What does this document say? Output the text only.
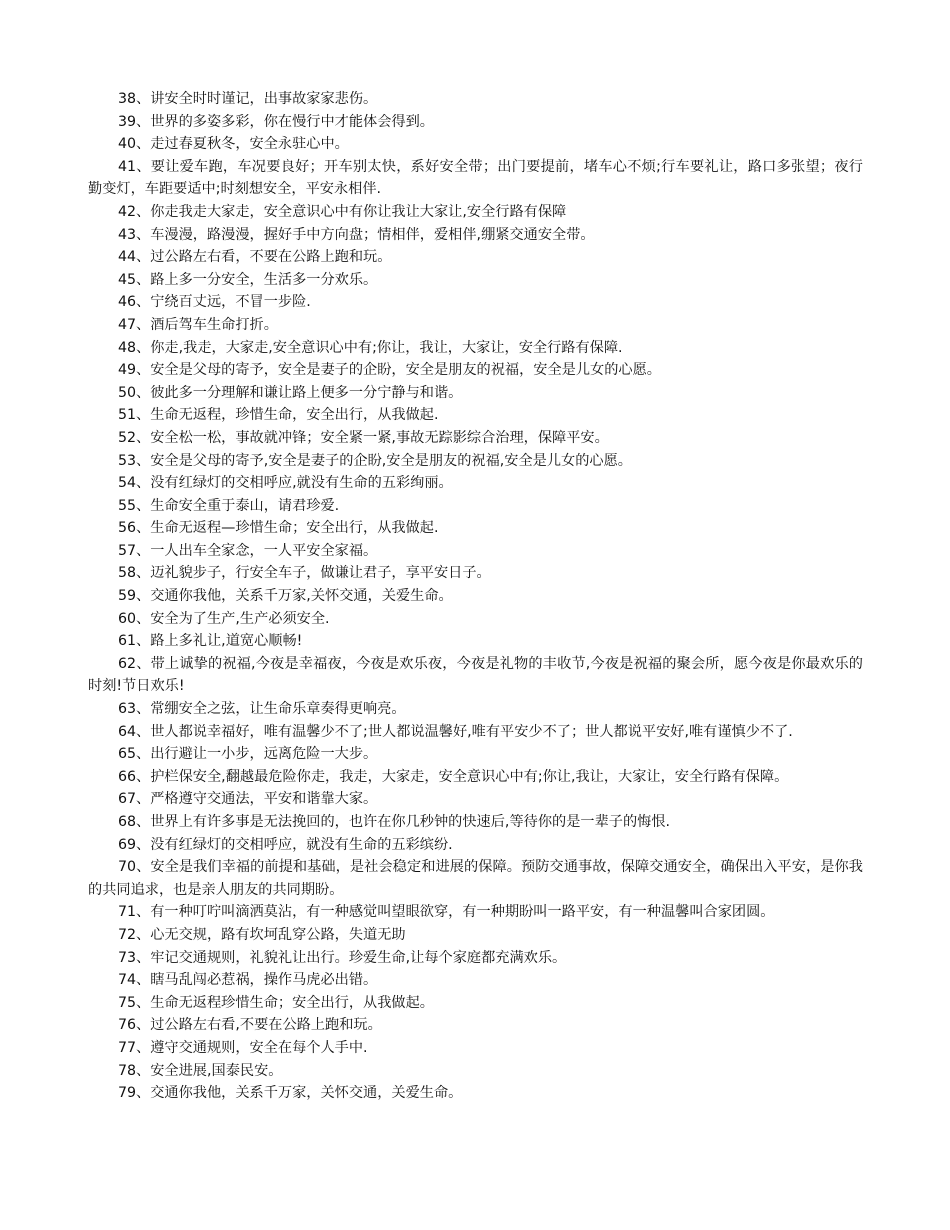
38、讲安全时时谨记，出事故家家悲伤。

39、世界的多姿多彩，你在慢行中才能体会得到。

40、走过春夏秋冬，安全永驻心中。

41、要让爱车跑，车况要良好；开车别太快，系好安全带；出门要提前，堵车心不烦;行车要礼让，路口多张望；夜行勤变灯，车距要适中;时刻想安全，平安永相伴.

42、你走我走大家走，安全意识心中有你让我让大家让,安全行路有保障

43、车漫漫，路漫漫，握好手中方向盘；情相伴，爱相伴,绷紧交通安全带。

44、过公路左右看，不要在公路上跑和玩。

45、路上多一分安全，生活多一分欢乐。

46、宁绕百丈远，不冒一步险.

47、酒后驾车生命打折。

48、你走,我走，大家走,安全意识心中有;你让，我让，大家让，安全行路有保障.

49、安全是父母的寄予，安全是妻子的企盼，安全是朋友的祝福，安全是儿女的心愿。

50、彼此多一分理解和谦让路上便多一分宁静与和谐。

51、生命无返程，珍惜生命，安全出行，从我做起.

52、安全松一松，事故就冲锋；安全紧一紧,事故无踪影综合治理，保障平安。

53、安全是父母的寄予,安全是妻子的企盼,安全是朋友的祝福,安全是儿女的心愿。

54、没有红绿灯的交相呼应,就没有生命的五彩绚丽。

55、生命安全重于泰山，请君珍爱.

56、生命无返程—珍惜生命；安全出行，从我做起.

57、一人出车全家念，一人平安全家福。

58、迈礼貌步子，行安全车子，做谦让君子，享平安日子。

59、交通你我他，关系千万家,关怀交通，关爱生命。

60、安全为了生产,生产必须安全.

61、路上多礼让,道宽心顺畅!

62、带上诚挚的祝福,今夜是幸福夜，今夜是欢乐夜，今夜是礼物的丰收节,今夜是祝福的聚会所，愿今夜是你最欢乐的时刻!节日欢乐!

63、常绷安全之弦，让生命乐章奏得更响亮。

64、世人都说幸福好，唯有温馨少不了;世人都说温馨好,唯有平安少不了；世人都说平安好,唯有谨慎少不了.

65、出行避让一小步，远离危险一大步。

66、护栏保安全,翻越最危险你走，我走，大家走，安全意识心中有;你让,我让，大家让，安全行路有保障。

67、严格遵守交通法，平安和谐靠大家。

68、世界上有许多事是无法挽回的，也许在你几秒钟的快速后,等待你的是一辈子的悔恨.

69、没有红绿灯的交相呼应，就没有生命的五彩缤纷.

70、安全是我们幸福的前提和基础，是社会稳定和进展的保障。预防交通事故，保障交通安全，确保出入平安，是你我的共同追求，也是亲人朋友的共同期盼。

71、有一种叮咛叫滴洒莫沾，有一种感觉叫望眼欲穿，有一种期盼叫一路平安，有一种温馨叫合家团圆。

72、心无交规，路有坎坷乱穿公路，失道无助

73、牢记交通规则，礼貌礼让出行。珍爱生命,让每个家庭都充满欢乐。

74、瞎马乱闯必惹祸，操作马虎必出错。

75、生命无返程珍惜生命；安全出行，从我做起。

76、过公路左右看,不要在公路上跑和玩。

77、遵守交通规则，安全在每个人手中.

78、安全进展,国泰民安。

79、交通你我他，关系千万家，关怀交通，关爱生命。
